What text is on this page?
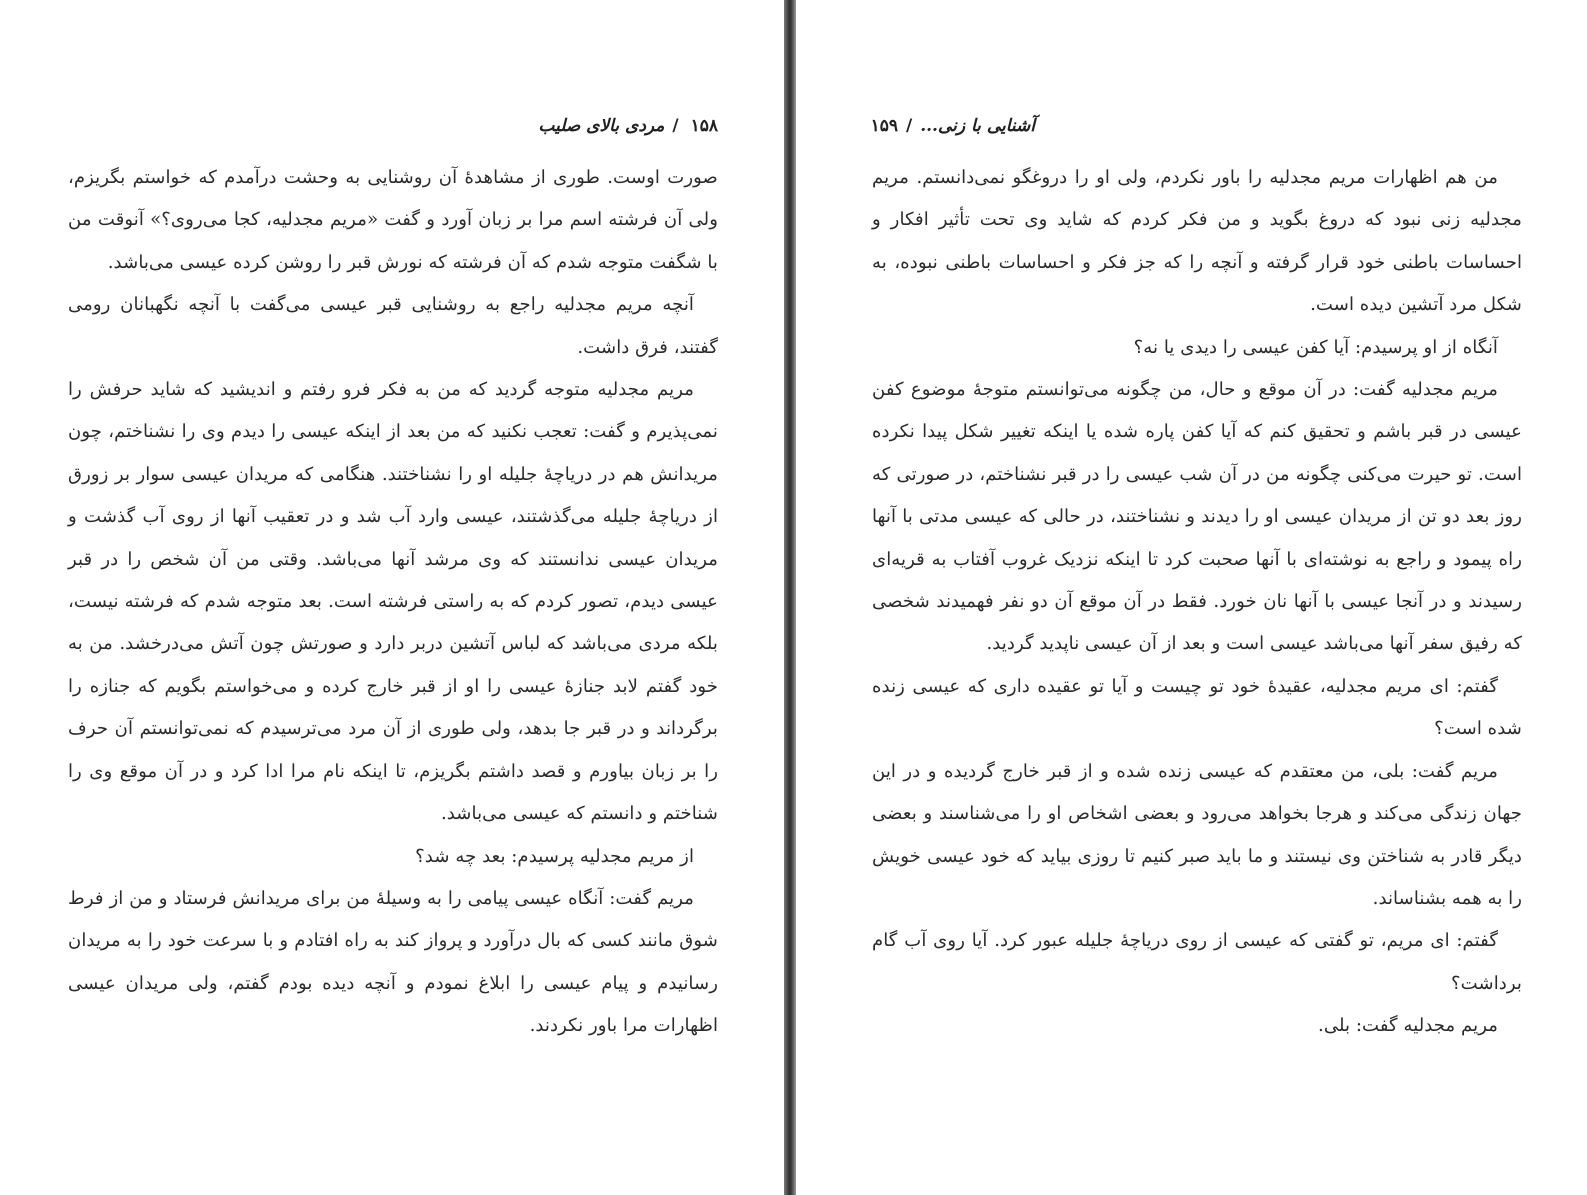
۱۵۸/مردی بالای صلیب

صورت اوست. طوری از مشاهدهٔ آن روشنایی به وحشت درآمدم که خواستم بگریزم، ولی آن فرشته اسم مرا بر زبان آورد و گفت «مریم مجدلیه، کجا می‌روی؟» آنوقت من با شگفت متوجه شدم که آن فرشته که نورش قبر را روشن کرده عیسی می‌باشد.

آنچه مریم مجدلیه راجع به روشنایی قبر عیسی می‌گفت با آنچه نگهبانان رومی گفتند، فرق داشت.

مریم مجدلیه متوجه گردید که من به فکر فرو رفتم و اندیشید که شاید حرفش را نمی‌پذیرم و گفت: تعجب نکنید که من بعد از اینکه عیسی را دیدم وی را نشناختم، چون مریدانش هم در دریاچهٔ جلیله او را نشناختند. هنگامی که مریدان عیسی سوار بر زورق از دریاچهٔ جلیله می‌گذشتند، عیسی وارد آب شد و در تعقیب آنها از روی آب گذشت و مریدان عیسی ندانستند که وی مرشد آنها می‌باشد. وقتی من آن شخص را در قبر عیسی دیدم، تصور کردم که به راستی فرشته است. بعد متوجه شدم که فرشته نیست، بلکه مردی می‌باشد که لباس آتشین دربر دارد و صورتش چون آتش می‌درخشد. من به خود گفتم لابد جنازهٔ عیسی را او از قبر خارج کرده و می‌خواستم بگویم که جنازه را برگرداند و در قبر جا بدهد، ولی طوری از آن مرد می‌ترسیدم که نمی‌توانستم آن حرف را بر زبان بیاورم و قصد داشتم بگریزم، تا اینکه نام مرا ادا کرد و در آن موقع وی را شناختم و دانستم که عیسی می‌باشد.

از مریم مجدلیه پرسیدم: بعد چه شد؟

مریم گفت: آنگاه عیسی پیامی را به وسیلهٔ من برای مریدانش فرستاد و من از فرط شوق مانند کسی که بال درآورد و پرواز کند به راه افتادم و با سرعت خود را به مریدان رسانیدم و پیام عیسی را ابلاغ نمودم و آنچه دیده بودم گفتم، ولی مریدان عیسی اظهارات مرا باور نکردند.

آشنایی با زنی.../۱۵۹

من هم اظهارات مریم مجدلیه را باور نکردم، ولی او را دروغگو نمی‌دانستم. مریم مجدلیه زنی نبود که دروغ بگوید و من فکر کردم که شاید وی تحت تأثیر افکار و احساسات باطنی خود قرار گرفته و آنچه را که جز فکر و احساسات باطنی نبوده، به شکل مرد آتشین دیده است.

آنگاه از او پرسیدم: آیا کفن عیسی را دیدی یا نه؟

مریم مجدلیه گفت: در آن موقع و حال، من چگونه می‌توانستم متوجهٔ موضوع کفن عیسی در قبر باشم و تحقیق کنم که آیا کفن پاره شده یا اینکه تغییر شکل پیدا نکرده است. تو حیرت می‌کنی چگونه من در آن شب عیسی را در قبر نشناختم، در صورتی که روز بعد دو تن از مریدان عیسی او را دیدند و نشناختند، در حالی که عیسی مدتی با آنها راه پیمود و راجع به نوشته‌ای با آنها صحبت کرد تا اینکه نزدیک غروب آفتاب به قریه‌ای رسیدند و در آنجا عیسی با آنها نان خورد. فقط در آن موقع آن دو نفر فهمیدند شخصی که رفیق سفر آنها می‌باشد عیسی است و بعد از آن عیسی ناپدید گردید.

گفتم: ای مریم مجدلیه، عقیدهٔ خود تو چیست و آیا تو عقیده داری که عیسی زنده شده است؟

مریم گفت: بلی، من معتقدم که عیسی زنده شده و از قبر خارج گردیده و در این جهان زندگی می‌کند و هرجا بخواهد می‌رود و بعضی اشخاص او را می‌شناسند و بعضی دیگر قادر به شناختن وی نیستند و ما باید صبر کنیم تا روزی بیاید که خود عیسی خویش را به همه بشناساند.

گفتم: ای مریم، تو گفتی که عیسی از روی دریاچهٔ جلیله عبور کرد. آیا روی آب گام برداشت؟

مریم مجدلیه گفت: بلی.
